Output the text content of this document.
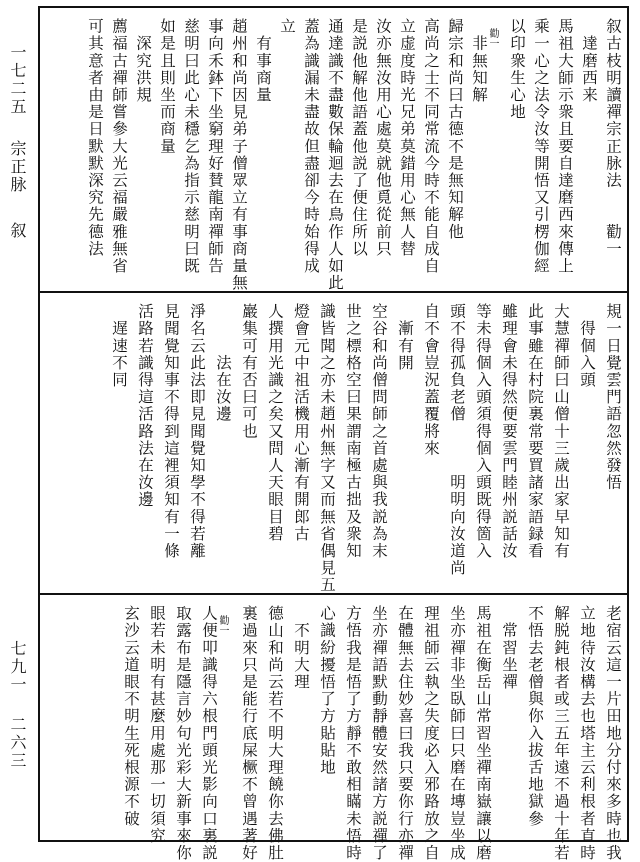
一七二五
宗正脉
叙
七九一
二六三
叙古枝明讀禪宗正脉法　　勸一
　達磨西来
馬祖大師示衆且要自達磨西來傳上
乘一心之法令汝等開悟又引楞伽經
以印衆生心地
　勸一
　非無知解
歸宗和尚曰古德不是無知解他
高尚之士不同常流今時不能自成自
立虚度時光兄弟莫錯用心無人替
汝亦無汝用心處莫就他覓從前只
是説他解他語蓋他説了便住所以
通達識不盡數保輪迴去在鳥作人如此
蓋為識漏未盡故但盡卻今時始得成
立
　有事商量
趙州和尚因見弟子僧眾立有事商量無
事向禾鉢下坐窮理好賛龍南禪師告
慈明曰此心未穩乞為指示慈明曰既
如是且則坐而商量
　深究洪規
薦福古禪師嘗參大光云福嚴雅無省
可其意者由是日默默深究先德法
規一日覺雲門語忽然發悟
　得個入頭
大慧禪師曰山僧十三歲出家早知有
此事雖在村院裏常要買諸家語録看
雖理會未得然便要雲門睦州説話汝
等未得個入頭須得個入頭既得箇入
頭不得孤負老僧　　　明明向汝道尚
自不會豈況蓋覆將來
　漸有開
空谷和尚僧問師之首處與我説為末
世之標格空曰果謂南極古拙及衆知
識皆聞之亦未趙州無字又而無省偶見五
燈會元中祖活機用心漸有開郎古
人撰用光識之矣又問人天眼目碧
巖集可有否曰可也
　　　法在汝邊
淨名云此法即見聞覺知學不得若離
見聞覺知事不得到這裡須知有一條
活路若識得這活路法在汝邊
　遅速不同
老宿云這一片田地分付來多時也我
立地待汝構去也塔主云利根者直時
解脱鈍根者或三五年遠不過十年若
不悟去老僧與你入拔舌地獄參
　常習坐禪
馬祖在衡岳山常習坐禪南嶽讓以磨
坐亦禪非坐臥師曰只磨在塼豈坐成
理祖師云執之失度必入邪路放之自
在體無去住妙喜曰我只要你行亦禪
坐亦禪語默動靜體安然諸方説禪了
方悟我是悟了方靜不敢相瞞未悟時
心識紛擾悟了方貼貼地
　不明大理
德山和尚云若不明大理饒你去佛肚
裏過來只是能行底屎橛不曾遇著好
　勸一
人便叩識得六根門頭光影向口裏説
取露布是隱言妙句光彩大新事來你
眼若未明有甚麼用處那一切須究
玄沙云道眼不明生死根源不破
